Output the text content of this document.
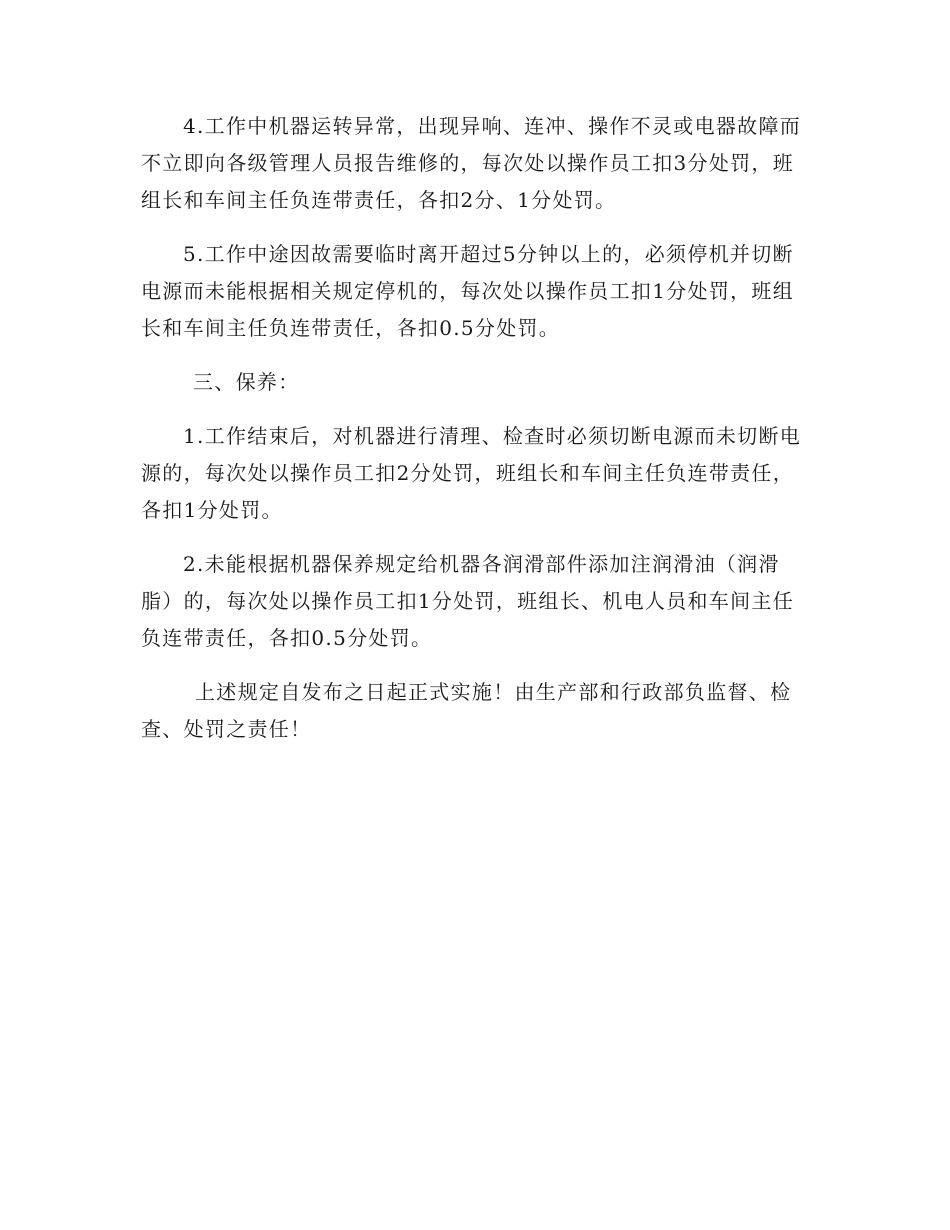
4.工作中机器运转异常，出现异响、连冲、操作不灵或电器故障而不立即向各级管理人员报告维修的，每次处以操作员工扣3分处罚，班组长和车间主任负连带责任，各扣2分、1分处罚。

5.工作中途因故需要临时离开超过5分钟以上的，必须停机并切断电源而未能根据相关规定停机的，每次处以操作员工扣1分处罚，班组长和车间主任负连带责任，各扣0.5分处罚。

三、保养：

1.工作结束后，对机器进行清理、检查时必须切断电源而未切断电源的，每次处以操作员工扣2分处罚，班组长和车间主任负连带责任，各扣1分处罚。

2.未能根据机器保养规定给机器各润滑部件添加注润滑油（润滑脂）的，每次处以操作员工扣1分处罚，班组长、机电人员和车间主任负连带责任，各扣0.5分处罚。

上述规定自发布之日起正式实施！由生产部和行政部负监督、检查、处罚之责任！
